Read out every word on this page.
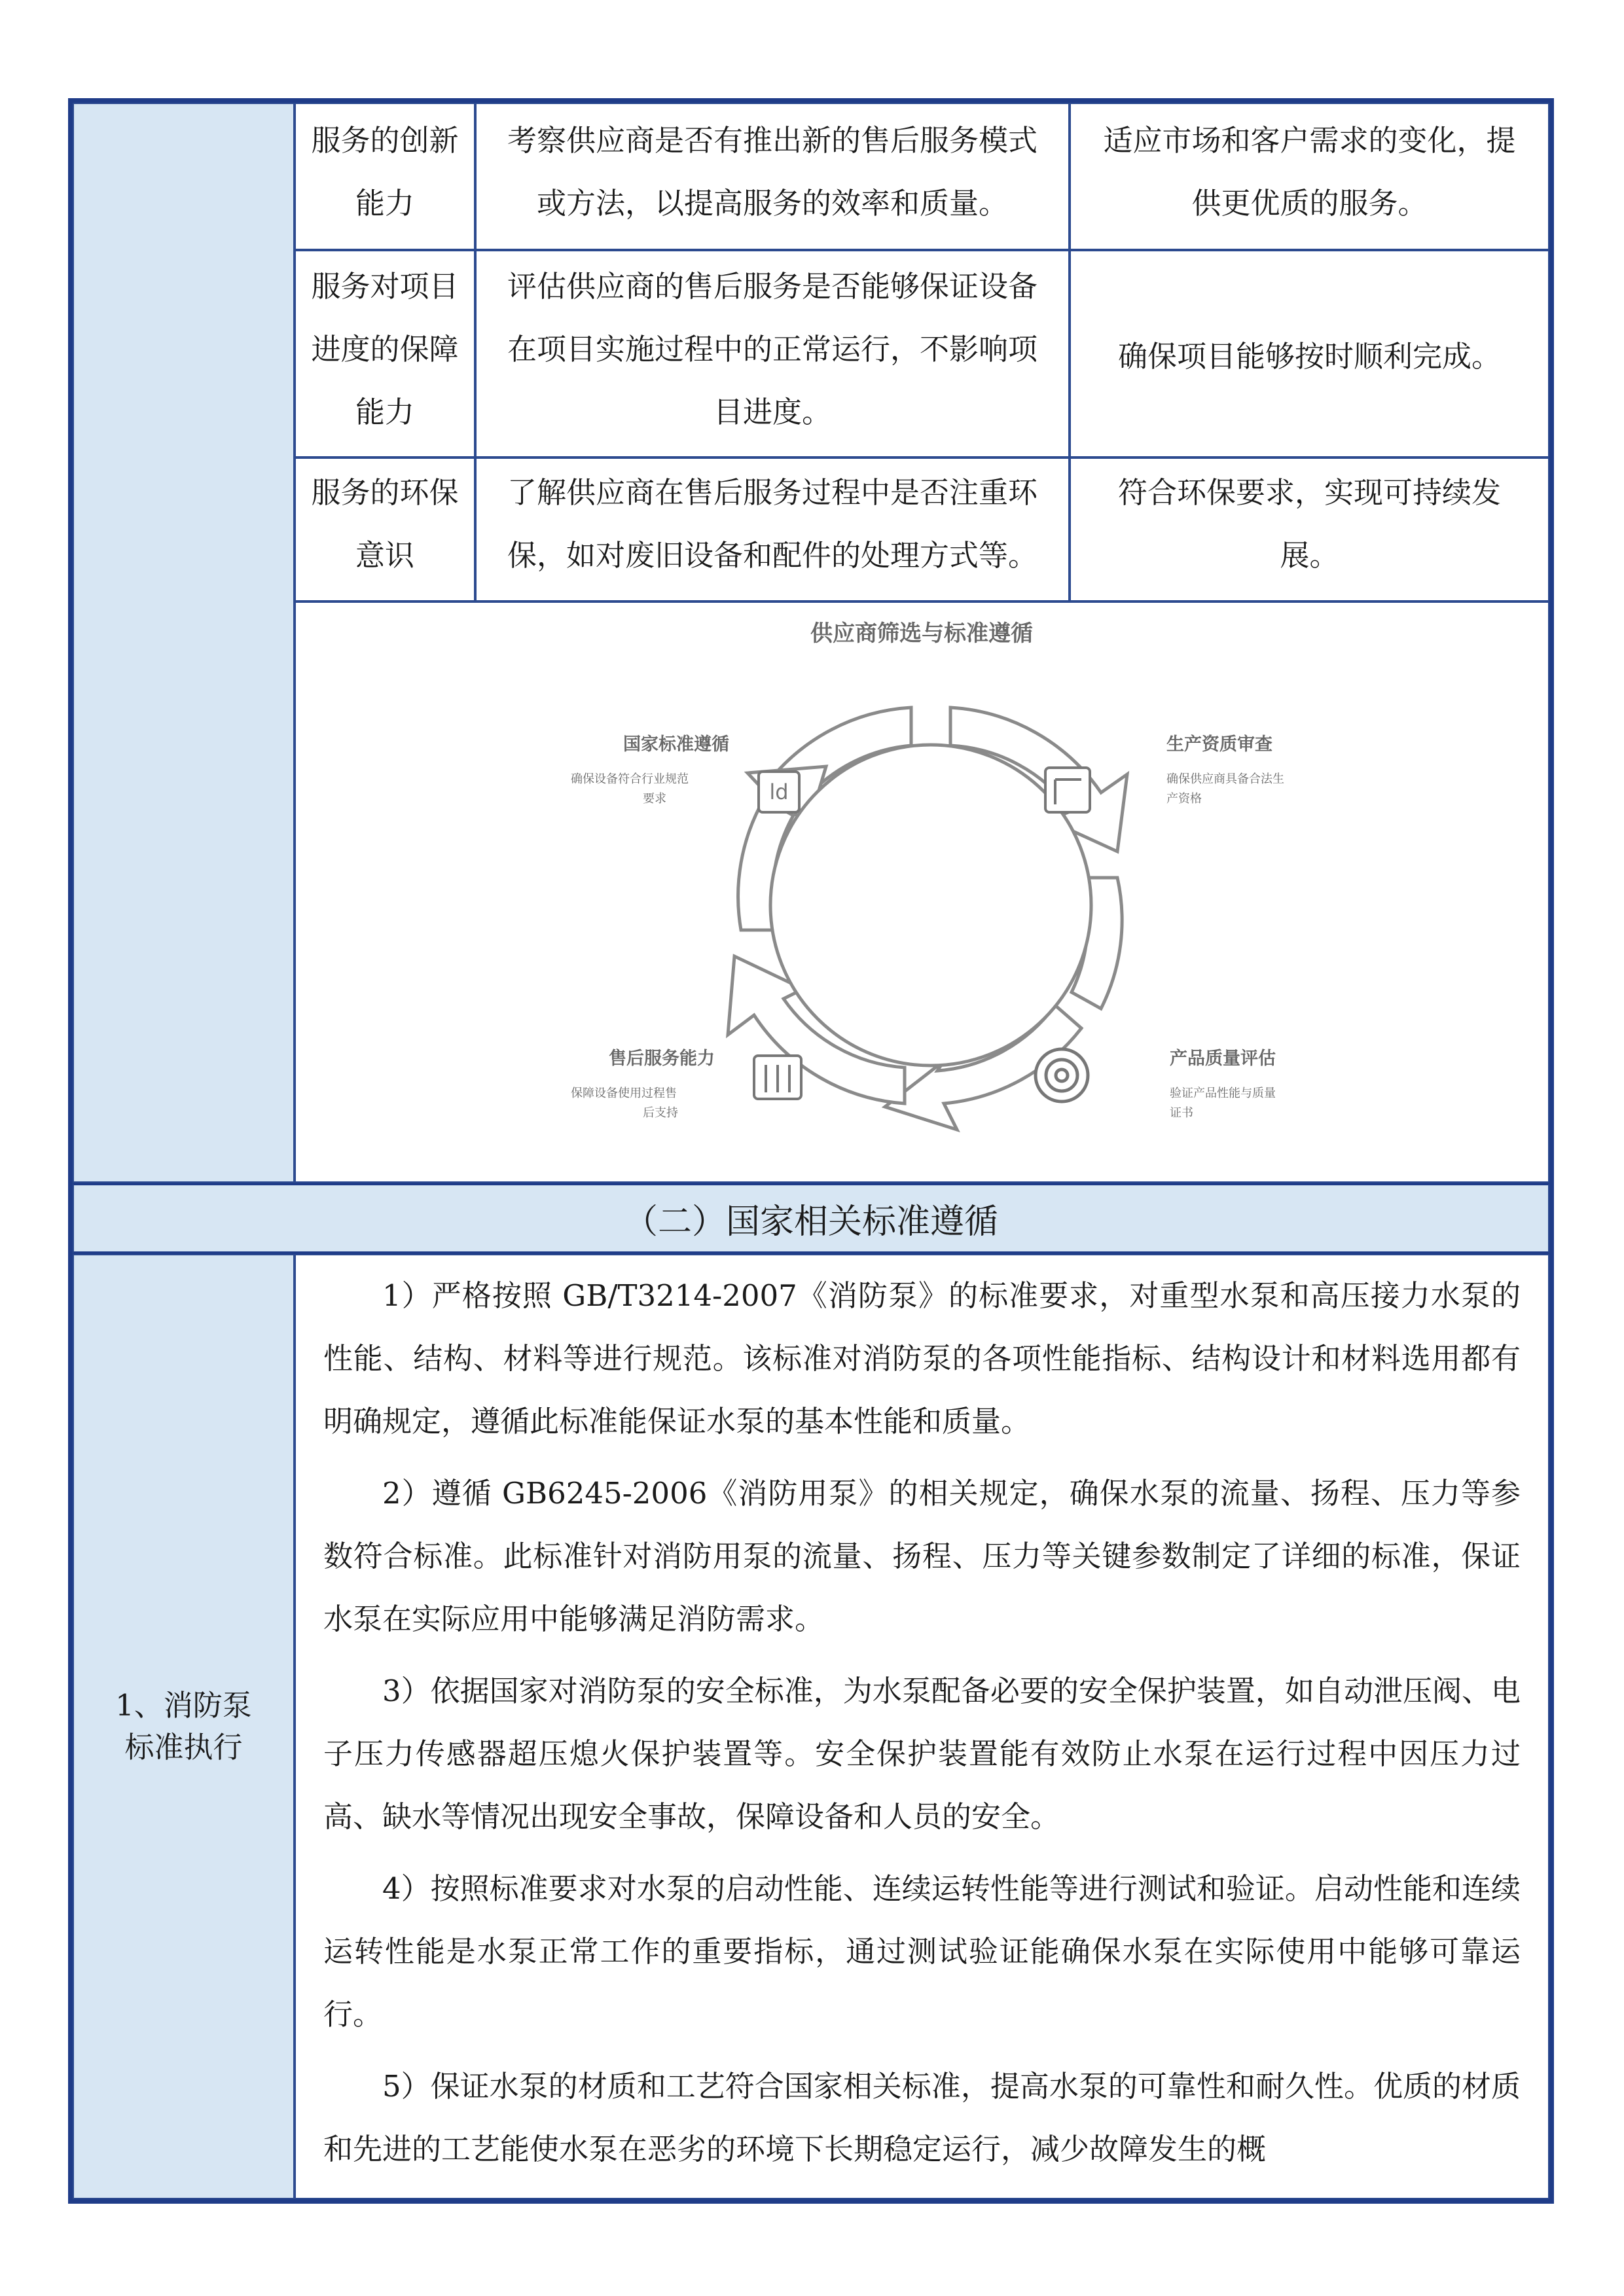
服务的创新
能力
考察供应商是否有推出新的售后服务模式
或方法，以提高服务的效率和质量。
适应市场和客户需求的变化，提
供更优质的服务。
服务对项目
进度的保障
能力
评估供应商的售后服务是否能够保证设备
在项目实施过程中的正常运行，不影响项
目进度。
确保项目能够按时顺利完成。
服务的环保
意识
了解供应商在售后服务过程中是否注重环
保，如对废旧设备和配件的处理方式等。
符合环保要求，实现可持续发
展。
供应商筛选与标准遵循
ld
国家标准遵循
确保设备符合行业规范
要求
生产资质审查
确保供应商具备合法生
产资格
售后服务能力
保障设备使用过程售
后支持
产品质量评估
验证产品性能与质量
证书
（二）国家相关标准遵循
1、消防泵
标准执行

1）严格按照 GB/T3214-2007《消防泵》的标准要求，对重型水泵和高压接力水泵的性能、结构、材料等进行规范。该标准对消防泵的各项性能指标、结构设计和材料选用都有明确规定，遵循此标准能保证水泵的基本性能和质量。

2）遵循 GB6245-2006《消防用泵》的相关规定，确保水泵的流量、扬程、压力等参数符合标准。此标准针对消防用泵的流量、扬程、压力等关键参数制定了详细的标准，保证水泵在实际应用中能够满足消防需求。

3）依据国家对消防泵的安全标准，为水泵配备必要的安全保护装置，如自动泄压阀、电子压力传感器超压熄火保护装置等。安全保护装置能有效防止水泵在运行过程中因压力过高、缺水等情况出现安全事故，保障设备和人员的安全。

4）按照标准要求对水泵的启动性能、连续运转性能等进行测试和验证。启动性能和连续运转性能是水泵正常工作的重要指标，通过测试验证能确保水泵在实际使用中能够可靠运行。

5）保证水泵的材质和工艺符合国家相关标准，提高水泵的可靠性和耐久性。优质的材质和先进的工艺能使水泵在恶劣的环境下长期稳定运行，减少故障发生的概
